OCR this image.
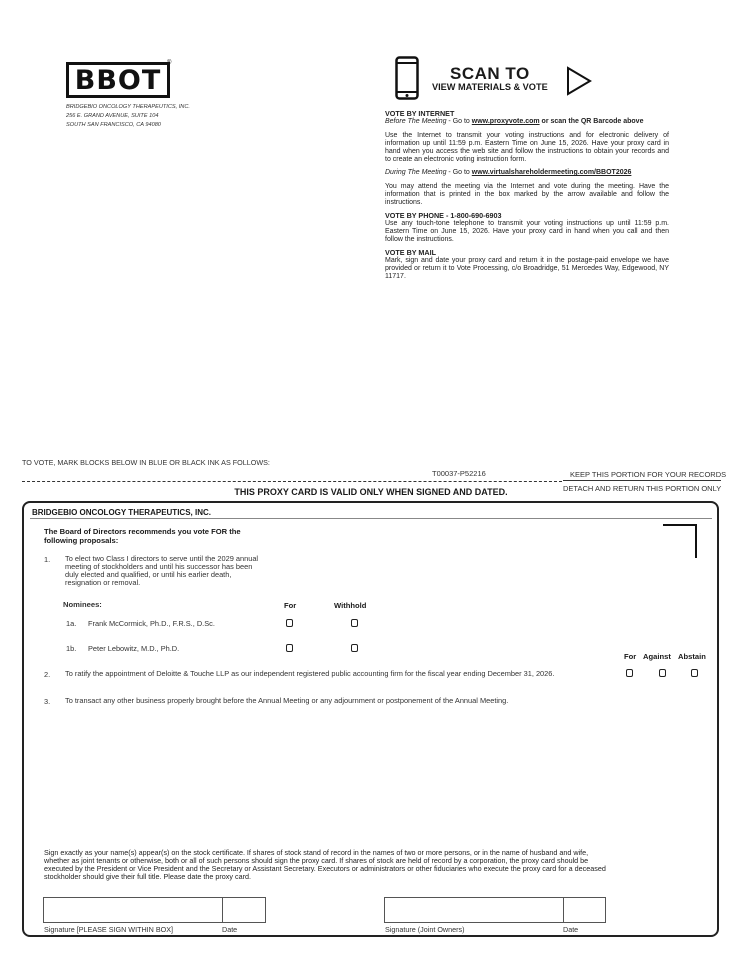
BBOT
®
BRIDGEBIO ONCOLOGY THERAPEUTICS, INC.
256 E. GRAND AVENUE, SUITE 104
SOUTH SAN FRANCISCO, CA 94080
SCAN TO
VIEW MATERIALS & VOTE
VOTE BY INTERNET
Before The Meeting - Go to www.proxyvote.com or scan the QR Barcode above

Use the Internet to transmit your voting instructions and for electronic delivery of information up until 11:59 p.m. Eastern Time on June 15, 2026. Have your proxy card in hand when you access the web site and follow the instructions to obtain your records and to create an electronic voting instruction form.

During The Meeting - Go to www.virtualshareholdermeeting.com/BBOT2026

You may attend the meeting via the Internet and vote during the meeting. Have the information that is printed in the box marked by the arrow available and follow the instructions.

VOTE BY PHONE - 1-800-690-6903

Use any touch-tone telephone to transmit your voting instructions up until 11:59 p.m. Eastern Time on June 15, 2026. Have your proxy card in hand when you call and then follow the instructions.

VOTE BY MAIL

Mark, sign and date your proxy card and return it in the postage-paid envelope we have provided or return it to Vote Processing, c/o Broadridge, 51 Mercedes Way, Edgewood, NY 11717.

TO VOTE, MARK BLOCKS BELOW IN BLUE OR BLACK INK AS FOLLOWS:
T00037-P52216	KEEP THIS PORTION FOR YOUR RECORDS
DETACH AND RETURN THIS PORTION ONLY
THIS PROXY CARD IS VALID ONLY WHEN SIGNED AND DATED.
BRIDGEBIO ONCOLOGY THERAPEUTICS, INC.
The Board of Directors recommends you vote FOR the following proposals:
1. To elect two Class I directors to serve until the 2029 annual meeting of stockholders and until his successor has been duly elected and qualified, or until his earlier death, resignation or removal.
Nominees:	For	Withhold
1a. Frank McCormick, Ph.D., F.R.S., D.Sc.
1b. Peter Lebowitz, M.D., Ph.D.
For Against Abstain
2. To ratify the appointment of Deloitte & Touche LLP as our independent registered public accounting firm for the fiscal year ending December 31, 2026.
3. To transact any other business properly brought before the Annual Meeting or any adjournment or postponement of the Annual Meeting.
Sign exactly as your name(s) appear(s) on the stock certificate. If shares of stock stand of record in the names of two or more persons, or in the name of husband and wife, whether as joint tenants or otherwise, both or all of such persons should sign the proxy card. If shares of stock are held of record by a corporation, the proxy card should be executed by the President or Vice President and the Secretary or Assistant Secretary. Executors or administrators or other fiduciaries who execute the proxy card for a deceased stockholder should give their full title. Please date the proxy card.
Signature [PLEASE SIGN WITHIN BOX]	Date	Signature (Joint Owners)	Date
